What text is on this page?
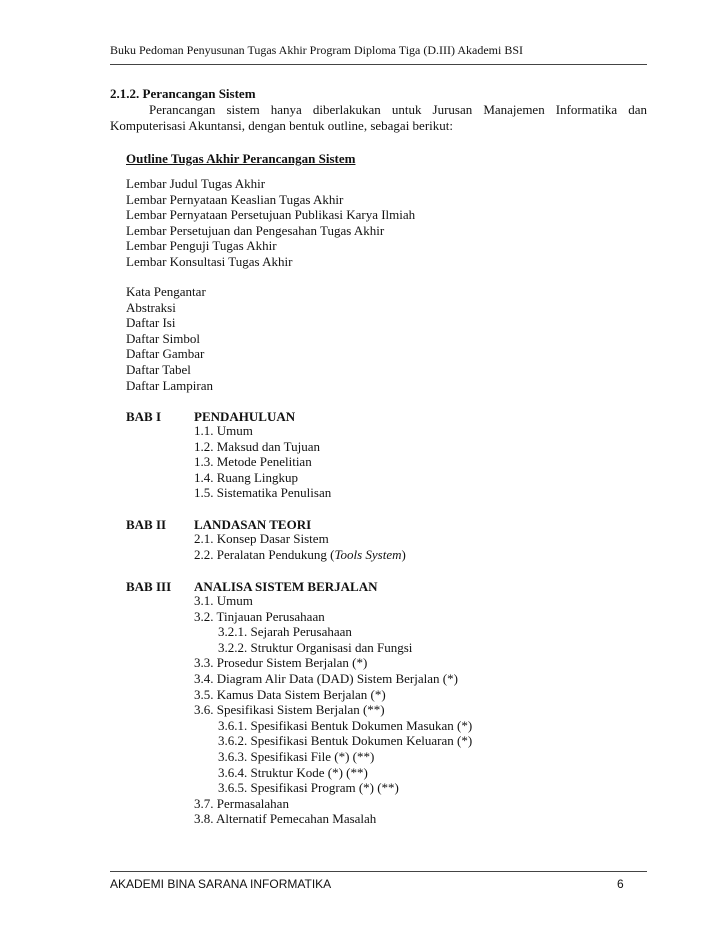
Buku Pedoman Penyusunan Tugas Akhir Program Diploma Tiga (D.III) Akademi BSI
2.1.2. Perancangan Sistem
Perancangan sistem hanya diberlakukan untuk Jurusan Manajemen Informatika dan
Komputerisasi Akuntansi, dengan bentuk outline, sebagai berikut:
Outline Tugas Akhir Perancangan Sistem
Lembar Judul Tugas Akhir
Lembar Pernyataan Keaslian Tugas Akhir
Lembar Pernyataan Persetujuan Publikasi Karya Ilmiah
Lembar Persetujuan dan Pengesahan Tugas Akhir
Lembar Penguji Tugas Akhir
Lembar Konsultasi Tugas Akhir
Kata Pengantar
Abstraksi
Daftar Isi
Daftar Simbol
Daftar Gambar
Daftar Tabel
Daftar Lampiran
BAB I	PENDAHULUAN
1.1. Umum
1.2. Maksud dan Tujuan
1.3. Metode Penelitian
1.4. Ruang Lingkup
1.5. Sistematika Penulisan
BAB II LANDASAN TEORI
2.1. Konsep Dasar Sistem
2.2. Peralatan Pendukung (Tools System)
BAB III ANALISA SISTEM BERJALAN
3.1. Umum
3.2. Tinjauan Perusahaan
3.2.1. Sejarah Perusahaan
3.2.2. Struktur Organisasi dan Fungsi
3.3. Prosedur Sistem Berjalan (*)
3.4. Diagram Alir Data (DAD) Sistem Berjalan (*)
3.5. Kamus Data Sistem Berjalan (*)
3.6. Spesifikasi Sistem Berjalan (**)
3.6.1. Spesifikasi Bentuk Dokumen Masukan (*)
3.6.2. Spesifikasi Bentuk Dokumen Keluaran (*)
3.6.3. Spesifikasi File (*) (**)
3.6.4. Struktur Kode (*) (**)
3.6.5. Spesifikasi Program (*) (**)
3.7. Permasalahan
3.8. Alternatif Pemecahan Masalah
AKADEMI BINA SARANA INFORMATIKA	6
